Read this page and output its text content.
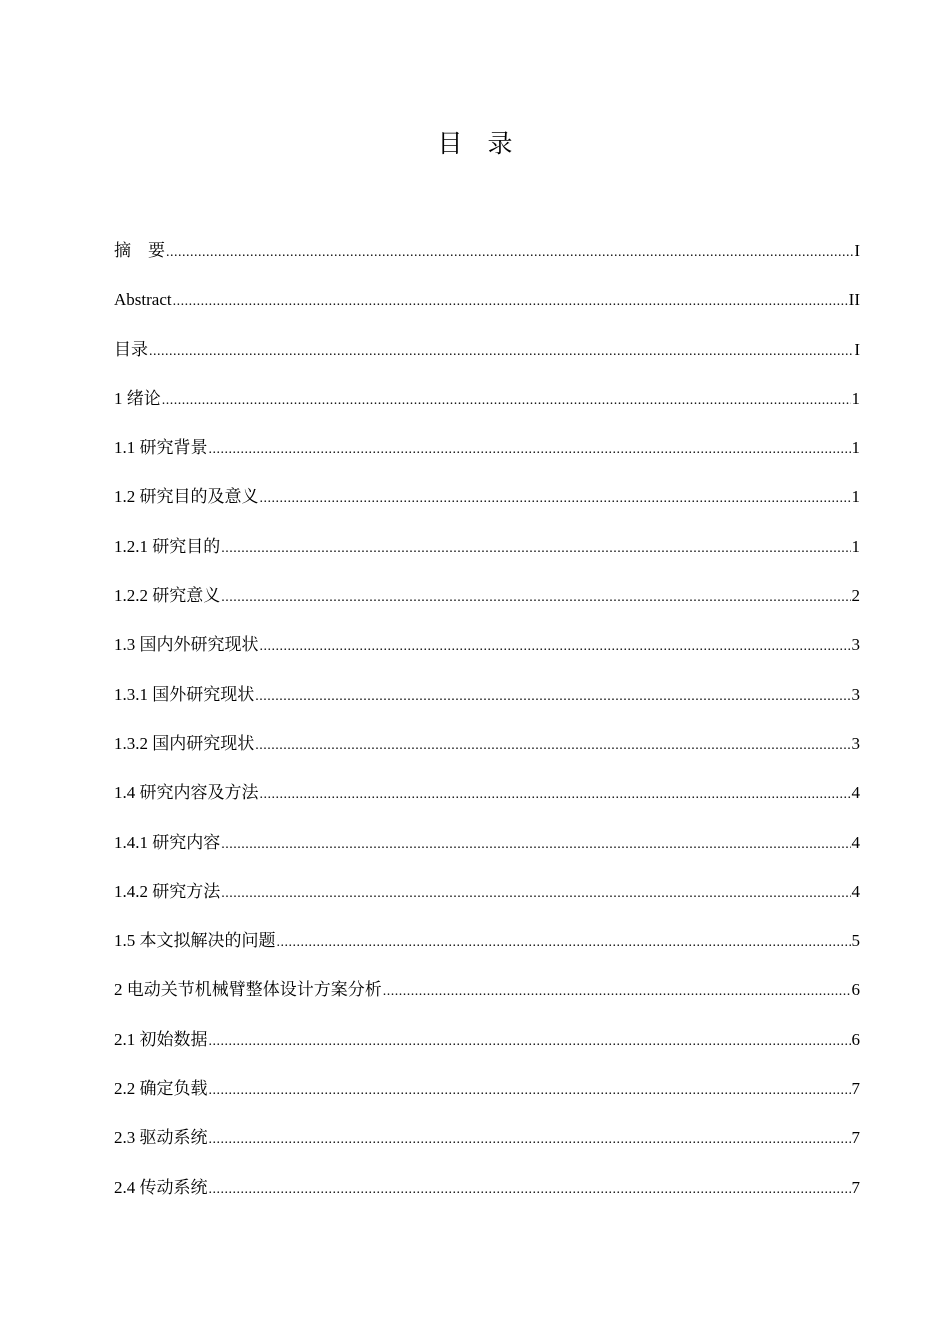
目　录
摘　要 .....	I
Abstract .....	II
目录 .....	I
1 绪论 .....	1
1.1 研究背景 .....	1
1.2 研究目的及意义 .....	1
1.2.1 研究目的 .....	1
1.2.2 研究意义 .....	2
1.3 国内外研究现状 .....	3
1.3.1 国外研究现状 .....	3
1.3.2 国内研究现状 .....	3
1.4 研究内容及方法 .....	4
1.4.1 研究内容 .....	4
1.4.2 研究方法 .....	4
1.5 本文拟解决的问题 .....	5
2 电动关节机械臂整体设计方案分析 .....	6
2.1 初始数据 .....	6
2.2 确定负载 .....	7
2.3 驱动系统 .....	7
2.4 传动系统 .....	7
